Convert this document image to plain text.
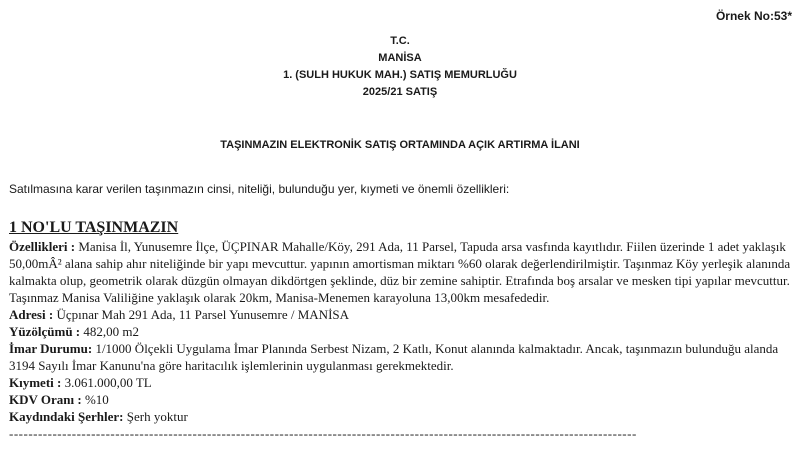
Örnek No:53*
T.C.
MANİSA
1. (SULH HUKUK MAH.) SATIŞ MEMURLUĞU
2025/21 SATIŞ
TAŞINMAZIN ELEKTRONİK SATIŞ ORTAMINDA AÇIK ARTIRMA İLANI
Satılmasına karar verilen taşınmazın cinsi, niteliği, bulunduğu yer, kıymeti ve önemli özellikleri:

1 NO'LU TAŞINMAZIN

Özellikleri : Manisa İl, Yunusemre İlçe, ÜÇPINAR Mahalle/Köy, 291 Ada, 11 Parsel, Tapuda arsa vasfında kayıtlıdır. Fiilen üzerinde 1 adet yaklaşık 50,00mÂ² alana sahip ahır niteliğinde bir yapı mevcuttur. yapının amortisman miktarı %60 olarak değerlendirilmiştir. Taşınmaz Köy yerleşik alanında kalmakta olup, geometrik olarak düzgün olmayan dikdörtgen şeklinde, düz bir zemine sahiptir. Etrafında boş arsalar ve mesken tipi yapılar mevcuttur. Taşınmaz Manisa Valiliğine yaklaşık olarak 20km, Manisa-Menemen karayoluna 13,00km mesafededir.

Adresi : Üçpınar Mah 291 Ada, 11 Parsel Yunusemre / MANİSA

Yüzölçümü : 482,00 m2

İmar Durumu: 1/1000 Ölçekli Uygulama İmar Planında Serbest Nizam, 2 Katlı, Konut alanında kalmaktadır. Ancak, taşınmazın bulunduğu alanda 3194 Sayılı İmar Kanunu'na göre haritacılık işlemlerinin uygulanması gerekmektedir.

Kıymeti : 3.061.000,00 TL

KDV Oranı : %10

Kaydındaki Şerhler: Şerh yoktur

----------------------------------------------------------------------------------------------------------------------------------
